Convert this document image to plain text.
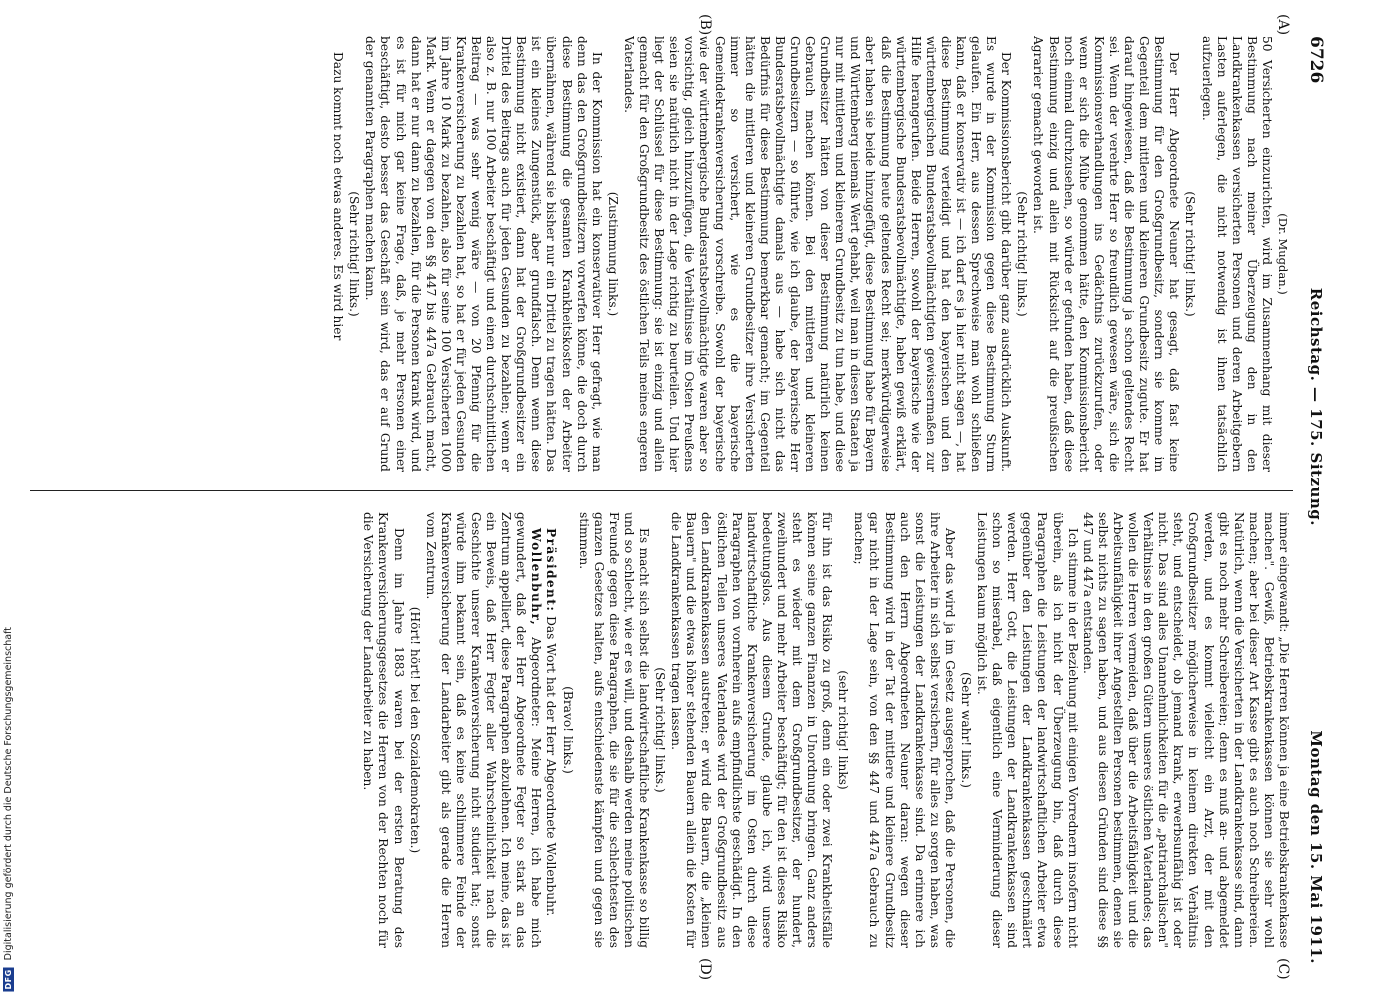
6726
Reichstag. — 175. Sitzung.
Montag den 15. Mai 1911.
(A)
(B)
(C)
(D)

(Dr. Mugdan.)

50 Versicherten einzurichten, wird im Zusammenhang mit dieser Bestimmung nach meiner Überzeugung den in den Landkrankenkassen versicherten Personen und deren Arbeitgebern Lasten auferlegen, die nicht notwendig ist ihnen tatsächlich aufzuerlegen.

(Sehr richtig! links.)

Der Herr Abgeordnete Neuner hat gesagt, daß fast keine Bestimmung für den Großgrundbesitz, sondern sie komme im Gegenteil dem mittleren und kleineren Grundbesitz zugute. Er hat darauf hingewiesen, daß die Bestimmung ja schon geltendes Recht sei. Wenn der verehrte Herr so freundlich gewesen wäre, sich die Kommissionsverhandlungen ins Gedächtnis zurückzurufen, oder wenn er sich die Mühe genommen hätte, den Kommissionsbericht noch einmal durchzusehen, so würde er gefunden haben, daß diese Bestimmung einzig und allein mit Rücksicht auf die preußischen Agrarier gemacht geworden ist.

(Sehr richtig! links.)

Der Kommissionsbericht gibt darüber ganz ausdrücklich Auskunft. Es wurde in der Kommission gegen diese Bestimmung Sturm gelaufen. Ein Herr, aus dessen Sprechweise man wohl schließen kann, daß er konservativ ist — ich darf es ja hier nicht sagen —, hat diese Bestimmung verteidigt und hat den bayerischen und den württembergischen Bundesratsbevollmächtigten gewissermaßen zur Hilfe herangerufen. Beide Herren, sowohl der bayerische wie der württembergische Bundesratsbevollmächtigte, haben gewiß erklärt, daß die Bestimmung heute geltendes Recht sei; merkwürdigerweise aber haben sie beide hinzugefügt, diese Bestimmung habe für Bayern und Württemberg niemals Wert gehabt, weil man in diesen Staaten ja nur mit mittlerem und kleinerem Grundbesitz zu tun habe, und diese Grundbesitzer hätten von dieser Bestimmung natürlich keinen Gebrauch machen können. Bei den mittleren und kleineren Grundbesitzern — so führte, wie ich glaube, der bayerische Herr Bundesratsbevollmächtigte damals aus — habe sich nicht das Bedürfnis für diese Bestimmung bemerkbar gemacht; im Gegenteil hätten die mittleren und kleineren Grundbesitzer ihre Versicherten immer so versichert, wie es die bayerische Gemeindekrankenversicherung vorschreibe. Sowohl der bayerische wie der württembergische Bundesratsbevollmächtigte waren aber so vorsichtig, gleich hinzuzufügen, die Verhältnisse im Osten Preußens seien sie natürlich nicht in der Lage richtig zu beurteilen. Und hier liegt der Schlüssel für diese Bestimmung: sie ist einzig und allein gemacht für den Großgrundbesitz des östlichen Teils meines engeren Vaterlandes.

(Zustimmung links.)

In der Kommission hat ein konservativer Herr gefragt, wie man denn das den Großgrundbesitzern vorwerfen könne, die doch durch diese Bestimmung die gesamten Krankheitskosten der Arbeiter übernähmen, während sie bisher nur ein Drittel zu tragen hätten. Das ist ein kleines Zungenstück, aber grundfalsch. Denn wenn diese Bestimmung nicht existiert, dann hat der Großgrundbesitzer ein Drittel des Beitrags auch für jeden Gesunden zu bezahlen; wenn er also z. B. nur 100 Arbeiter beschäftigt und einen durchschnittlichen Beitrag — was sehr wenig wäre — von 20 Pfennig für die Krankenversicherung zu bezahlen hat, so hat er für jeden Gesunden im Jahre 10 Mark zu bezahlen, also für seine 100 Versicherten 1000 Mark. Wenn er dagegen von den §§ 447 bis 447a Gebrauch macht, dann hat er nur dann zu bezahlen, für die Personen krank wird, und es ist für mich gar keine Frage, daß, je mehr Personen einer beschäftigt, desto besser das Geschäft sein wird, das er auf Grund der genannten Paragraphen machen kann.

(Sehr richtig! links.)

Dazu kommt noch etwas anderes. Es wird hier

immer eingewandt: „Die Herren können ja eine Betriebskrankenkasse machen". Gewiß, Betriebskrankenkassen können sie sehr wohl machen; aber bei dieser Art Kasse gibt es auch noch Schreibereien. Natürlich, wenn die Versicherten in der Landkrankenkasse sind, dann gibt es noch mehr Schreibereien; denn es muß an- und abgemeldet werden, und es kommt vielleicht ein Arzt, der mit den Großgrundbesitzer möglicherweise in keinem direkten Verhältnis steht, und entscheidet, ob jemand krank, erwerbsunfähig ist oder nicht. Das sind alles Unannehmlichkeiten für die „patriarchalischen" Verhältnisse in den großen Gütern unseres östlichen Vaterlandes; das wollen die Herren vermeiden, daß über die Arbeitsfähigkeit und die Arbeitsunfähigkeit ihrer Angestellten Personen bestimmen, denen sie selbst nichts zu sagen haben, und aus diesen Gründen sind diese §§ 447 und 447a entstanden.

Ich stimme in der Beziehung mit einigen Vorrednern insofern nicht überein, als ich nicht der Überzeugung bin, daß durch diese Paragraphen die Leistungen der landwirtschaftlichen Arbeiter etwa gegenüber den Leistungen der Landkrankenkassen geschmälert werden. Herr Gott, die Leistungen der Landkrankenkassen sind schon so miserabel, daß eigentlich eine Verminderung dieser Leistungen kaum möglich ist.

(Sehr wahr! links.)

Aber das wird ja im Gesetz ausgesprochen, daß die Personen, die ihre Arbeiter in sich selbst versichern, für alles zu sorgen haben, was sonst die Leistungen der Landkrankenkasse sind. Da erinnere ich auch den Herrn Abgeordneten Neuner daran: wegen dieser Bestimmung wird in der Tat der mittlere und kleinere Grundbesitz gar nicht in der Lage sein, von den §§ 447 und 447a Gebrauch zu machen;

(sehr richtig! links)

für ihn ist das Risiko zu groß, denn ein oder zwei Krankheitsfälle können seine ganzen Finanzen in Unordnung bringen. Ganz anders steht es wieder mit dem Großgrundbesitzer, der hundert, zweihundert und mehr Arbeiter beschäftigt; für den ist dieses Risiko bedeutungslos. Aus diesem Grunde, glaube ich, wird unsere landwirtschaftliche Krankenversicherung im Osten durch diese Paragraphen von vornherein aufs empfindlichste geschädigt. In den östlichen Teilen unseres Vaterlandes wird der Großgrundbesitz aus den Landkrankenkassen austreten; er wird die Bauern, die „kleinen Bauern" und die etwas höher stehenden Bauern allein die Kosten für die Landkrankenkassen tragen lassen.

(Sehr richtig! links.)

Es macht sich selbst die landwirtschaftliche Krankenkasse so billig und so schlecht, wie er es will, und deshalb werden meine politischen Freunde gegen diese Paragraphen, die sie für die schlechtesten des ganzen Gesetzes halten, aufs entschiedenste kämpfen und gegen sie stimmen.

(Bravo! links.)

Präsident: Das Wort hat der Herr Abgeordnete Wollenbuhr.

Wollenbuhr, Abgeordneter: Meine Herren, ich habe mich gewundert, daß der Herr Abgeordnete Fegter so stark an das Zentrum appelliert, diese Paragraphen abzulehnen. Ich meine, das ist ein Beweis, daß Herr Fegter aller Wahrscheinlichkeit nach die Geschichte unserer Krankenversicherung nicht studiert hat; sonst würde ihm bekannt sein, daß es keine schlimmere Feinde der Krankenversicherung der Landarbeiter gibt als gerade die Herren vom Zentrum.

(Hört! hört! bei den Sozialdemokraten.)

Denn im Jahre 1883 waren bei der ersten Beratung des Krankenversicherungsgesetzes die Herren von der Rechten noch für die Versicherung der Landarbeiter zu haben.

DFG Digitalisierung gefördert durch die Deutsche Forschungsgemeinschaft
